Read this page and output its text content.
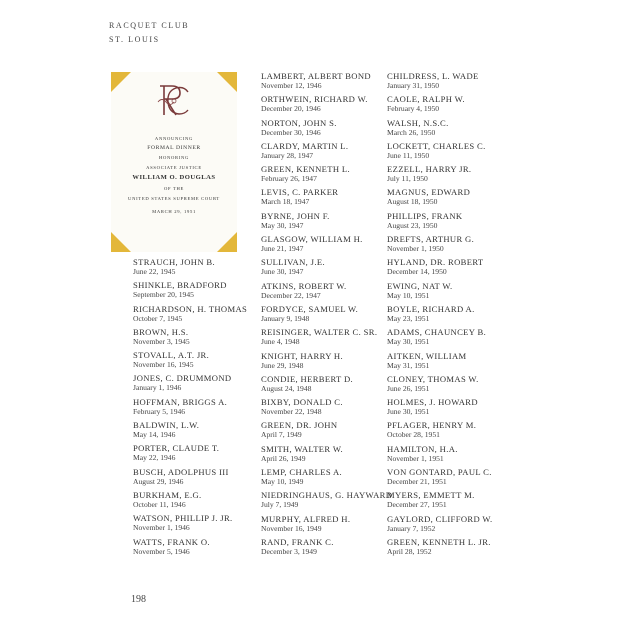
RACQUET CLUB
ST. LOUIS
ANNOUNCING
FORMAL DINNER
HONORING
ASSOCIATE JUSTICE
WILLIAM O. DOUGLAS
OF THE
UNITED STATES SUPREME COURT
MARCH 29, 1951
STRAUCH, JOHN B.
June 22, 1945
SHINKLE, BRADFORD
September 20, 1945
RICHARDSON, H. THOMAS
October 7, 1945
BROWN, H.S.
November 3, 1945
STOVALL, A.T. JR.
November 16, 1945
JONES, C. DRUMMOND
January 1, 1946
HOFFMAN, BRIGGS A.
February 5, 1946
BALDWIN, L.W.
May 14, 1946
PORTER, CLAUDE T.
May 22, 1946
BUSCH, ADOLPHUS III
August 29, 1946
BURKHAM, E.G.
October 11, 1946
WATSON, PHILLIP J. JR.
November 1, 1946
WATTS, FRANK O.
November 5, 1946
LAMBERT, ALBERT BOND
November 12, 1946
ORTHWEIN, RICHARD W.
December 20, 1946
NORTON, JOHN S.
December 30, 1946
CLARDY, MARTIN L.
January 28, 1947
GREEN, KENNETH L.
February 26, 1947
LEVIS, C. PARKER
March 18, 1947
BYRNE, JOHN F.
May 30, 1947
GLASGOW, WILLIAM H.
June 21, 1947
SULLIVAN, J.E.
June 30, 1947
ATKINS, ROBERT W.
December 22, 1947
FORDYCE, SAMUEL W.
January 9, 1948
REISINGER, WALTER C. SR.
June 4, 1948
KNIGHT, HARRY H.
June 29, 1948
CONDIE, HERBERT D.
August 24, 1948
BIXBY, DONALD C.
November 22, 1948
GREEN, DR. JOHN
April 7, 1949
SMITH, WALTER W.
April 26, 1949
LEMP, CHARLES A.
May 10, 1949
NIEDRINGHAUS, G. HAYWARD
July 7, 1949
MURPHY, ALFRED H.
November 16, 1949
RAND, FRANK C.
December 3, 1949
CHILDRESS, L. WADE
January 31, 1950
CAOLE, RALPH W.
February 4, 1950
WALSH, N.S.C.
March 26, 1950
LOCKETT, CHARLES C.
June 11, 1950
EZZELL, HARRY JR.
July 11, 1950
MAGNUS, EDWARD
August 18, 1950
PHILLIPS, FRANK
August 23, 1950
DREFTS, ARTHUR G.
November 1, 1950
HYLAND, DR. ROBERT
December 14, 1950
EWING, NAT W.
May 10, 1951
BOYLE, RICHARD A.
May 23, 1951
ADAMS, CHAUNCEY B.
May 30, 1951
AITKEN, WILLIAM
May 31, 1951
CLONEY, THOMAS W.
June 26, 1951
HOLMES, J. HOWARD
June 30, 1951
PFLAGER, HENRY M.
October 28, 1951
HAMILTON, H.A.
November 1, 1951
VON GONTARD, PAUL C.
December 21, 1951
MYERS, EMMETT M.
December 27, 1951
GAYLORD, CLIFFORD W.
January 7, 1952
GREEN, KENNETH L. JR.
April 28, 1952
198
